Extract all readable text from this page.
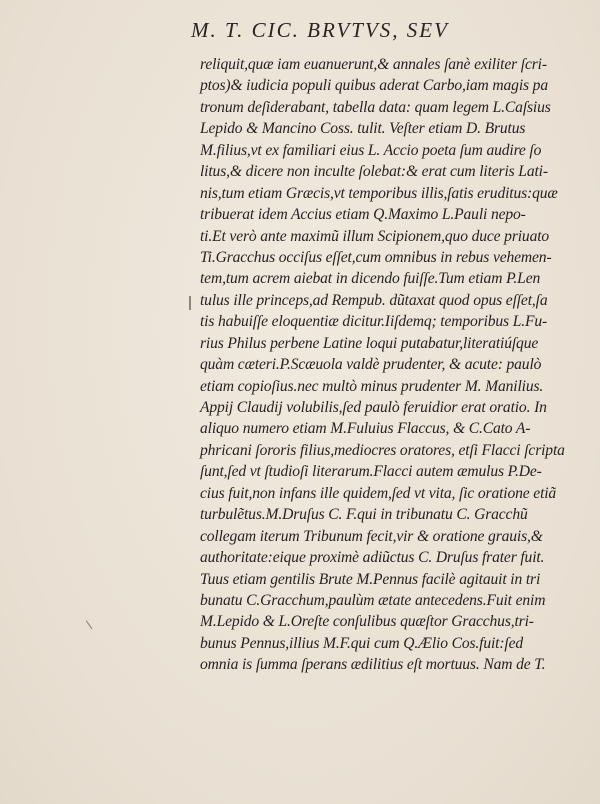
M. T. CIC. BRVTVS, SEV
reliquit,quæ iam euanuerunt,& annales ſanè exiliter ſcri-
ptos)& iudicia populi quibus aderat Carbo,iam magis pa
tronum deſiderabant, tabella data: quam legem L.Caſsius
Lepido & Mancino Coss. tulit. Veſter etiam D. Brutus
M.filius,vt ex familiari eius L. Accio poeta ſum audire ſo
litus,& dicere non inculte ſolebat:& erat cum literis Lati-
nis,tum etiam Græcis,vt temporibus illis,ſatis eruditus:quæ
tribuerat idem Accius etiam Q.Maximo L.Pauli nepo-
ti.Et verò ante maximũ illum Scipionem,quo duce priuato
Ti.Gracchus occiſus eſſet,cum omnibus in rebus vehemen-
tem,tum acrem aiebat in dicendo fuiſſe.Tum etiam P.Len
tulus ille princeps,ad Rempub. dũtaxat quod opus eſſet,ſa
tis habuiſſe eloquentiæ dicitur.Iiſdemq; temporibus L.Fu-
rius Philus perbene Latine loqui putabatur,literatiúſque
quàm cæteri.P.Scæuola valdè prudenter, & acute: paulò
etiam copioſius.nec multò minus prudenter M. Manilius.
Appij Claudij volubilis,ſed paulò feruidior erat oratio. In
aliquo numero etiam M.Fuluius Flaccus, & C.Cato A-
phricani ſororis filius,mediocres oratores, etſi Flacci ſcripta
ſunt,ſed vt ſtudioſi literarum.Flacci autem æmulus P.De-
cius fuit,non infans ille quidem,ſed vt vita, ſic oratione etiã
turbulẽtus.M.Druſus C. F.qui in tribunatu C. Gracchũ
collegam iterum Tribunum fecit,vir & oratione grauis,&
authoritate:eique proximè adiũctus C. Druſus frater fuit.
Tuus etiam gentilis Brute M.Pennus facilè agitauit in tri
bunatu C.Gracchum,paulùm ætate antecedens.Fuit enim
M.Lepido & L.Oreſte conſulibus quæſtor Gracchus,tri-
bunus Pennus,illius M.F.qui cum Q.Ælio Cos.fuit:ſed
omnia is ſumma ſperans ædilitius eſt mortuus. Nam de T.
